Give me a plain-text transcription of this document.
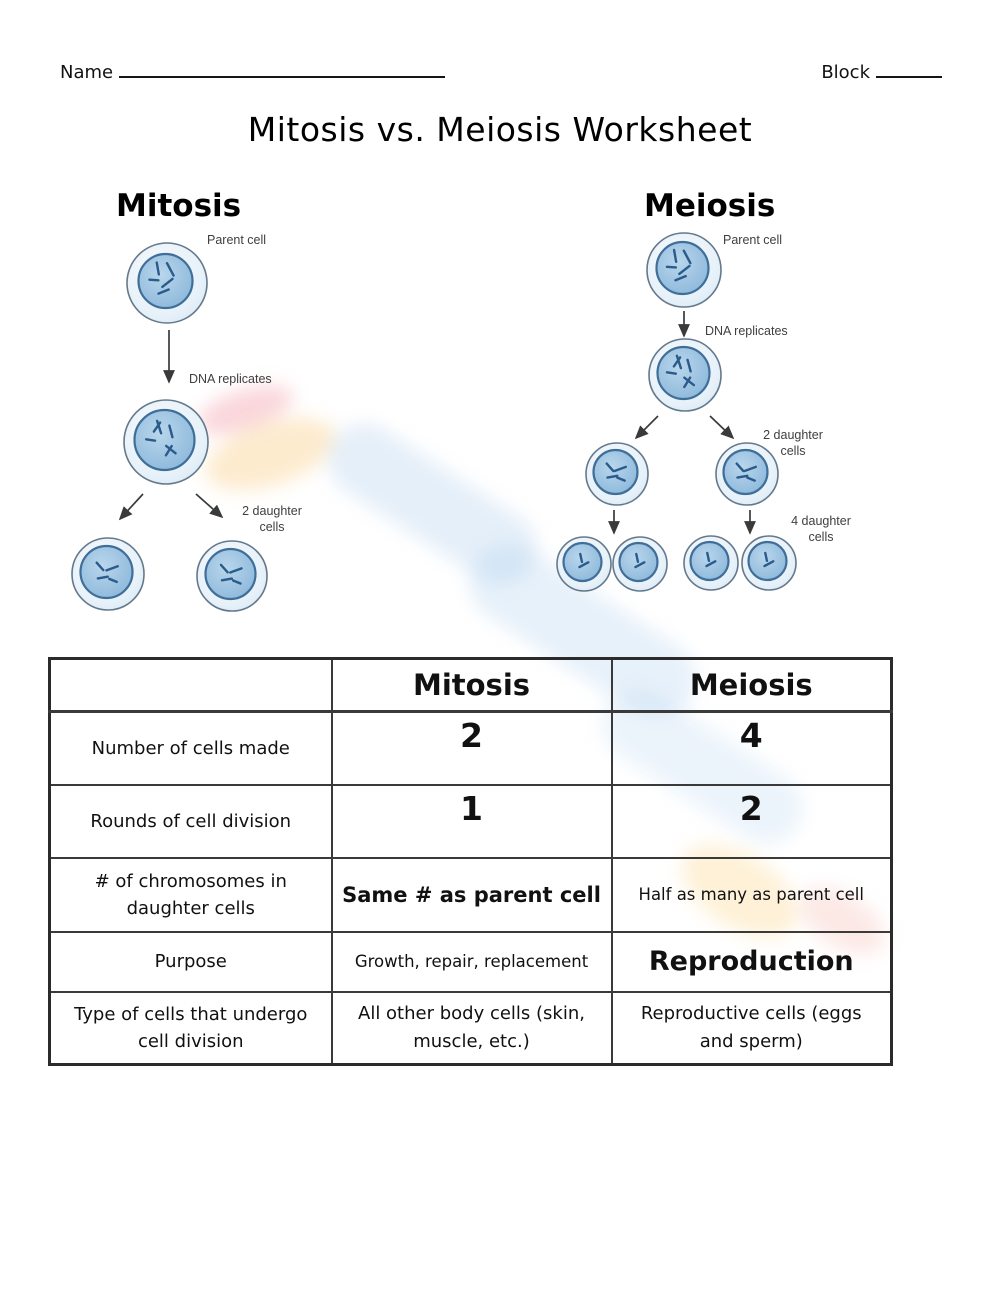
Name	Block
Mitosis vs. Meiosis Worksheet
Mitosis	Meiosis
Parent cell
DNA replicates
2 daughter cells
Parent cell
DNA replicates
2 daughter cells
4 daughter cells
	Mitosis	Meiosis
Number of cells made	2	4
Rounds of cell division	1	2
# of chromosomes in daughter cells	Same # as parent cell	Half as many as parent cell
Purpose	Growth, repair, replacement	Reproduction
Type of cells that undergo cell division	All other body cells (skin, muscle, etc.)	Reproductive cells (eggs and sperm)
